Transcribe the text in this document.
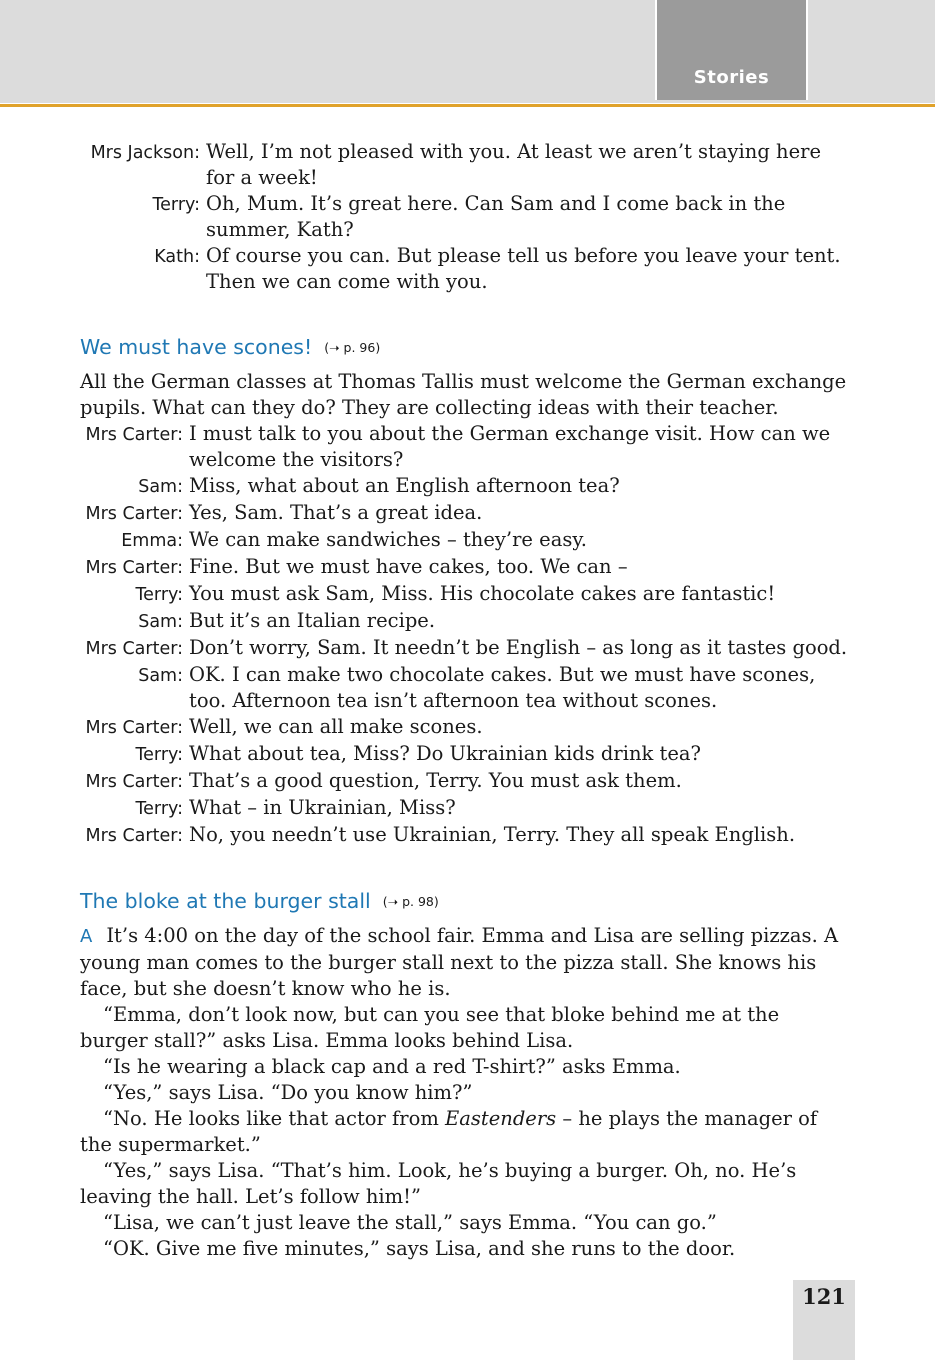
Stories
Mrs Jackson: Well, I’m not pleased with you. At least we aren’t staying here for a week!
Terry: Oh, Mum. It’s great here. Can Sam and I come back in the summer, Kath?
Kath: Of course you can. But please tell us before you leave your tent. Then we can come with you.
We must have scones! (➝ p. 96)

All the German classes at Thomas Tallis must welcome the German exchange pupils. What can they do? They are collecting ideas with their teacher.

Mrs Carter: I must talk to you about the German exchange visit. How can we welcome the visitors?
Sam: Miss, what about an English afternoon tea?
Mrs Carter: Yes, Sam. That’s a great idea.
Emma: We can make sandwiches – they’re easy.
Mrs Carter: Fine. But we must have cakes, too. We can –
Terry: You must ask Sam, Miss. His chocolate cakes are fantastic!
Sam: But it’s an Italian recipe.
Mrs Carter: Don’t worry, Sam. It needn’t be English – as long as it tastes good.
Sam: OK. I can make two chocolate cakes. But we must have scones, too. Afternoon tea isn’t afternoon tea without scones.
Mrs Carter: Well, we can all make scones.
Terry: What about tea, Miss? Do Ukrainian kids drink tea?
Mrs Carter: That’s a good question, Terry. You must ask them.
Terry: What – in Ukrainian, Miss?
Mrs Carter: No, you needn’t use Ukrainian, Terry. They all speak English.
The bloke at the burger stall (➝ p. 98)

A It’s 4:00 on the day of the school fair. Emma and Lisa are selling pizzas. A young man comes to the burger stall next to the pizza stall. She knows his face, but she doesn’t know who he is.

“Emma, don’t look now, but can you see that bloke behind me at the burger stall?” asks Lisa. Emma looks behind Lisa.

“Is he wearing a black cap and a red T-shirt?” asks Emma.

“Yes,” says Lisa. “Do you know him?”

“No. He looks like that actor from Eastenders – he plays the manager of the supermarket.”

“Yes,” says Lisa. “That’s him. Look, he’s buying a burger. Oh, no. He’s leaving the hall. Let’s follow him!”

“Lisa, we can’t just leave the stall,” says Emma. “You can go.”

“OK. Give me five minutes,” says Lisa, and she runs to the door.

121
